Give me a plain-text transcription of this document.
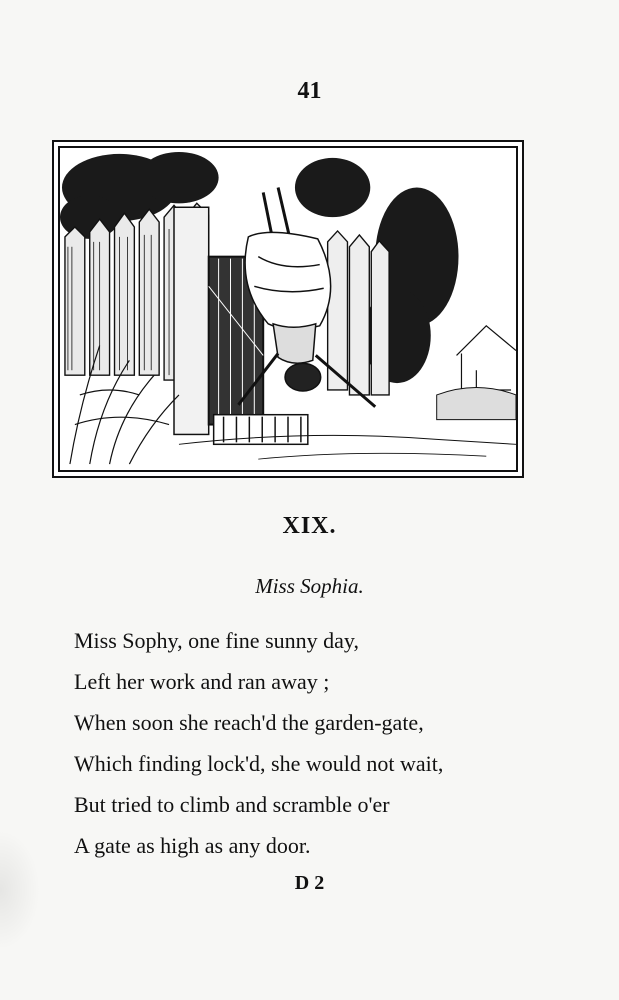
41
XIX.
Miss Sophia.
Miss Sophy, one fine sunny day,
Left her work and ran away ;
When soon she reach'd the garden-gate,
Which finding lock'd, she would not wait,
But tried to climb and scramble o'er
A gate as high as any door.
D 2
